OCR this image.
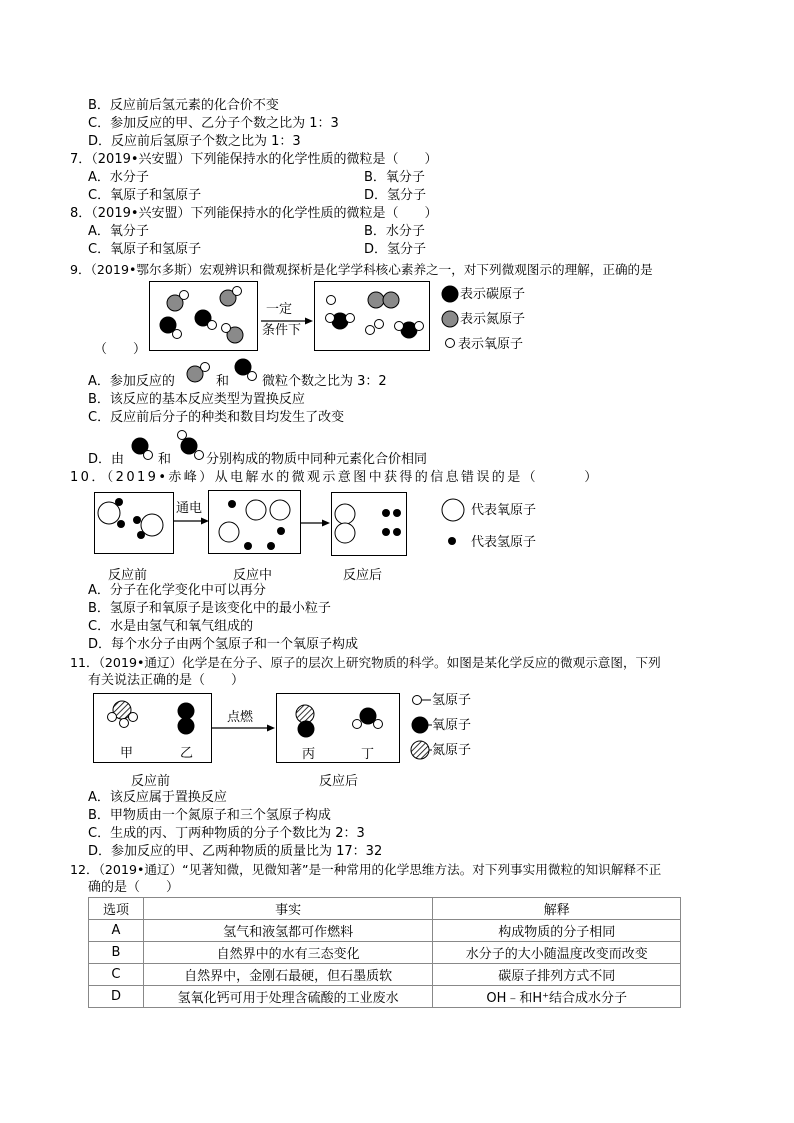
B．反应前后氢元素的化合价不变
C．参加反应的甲、乙分子个数之比为 1：3
D．反应前后氢原子个数之比为 1：3
7．（2019•兴安盟）下列能保持水的化学性质的微粒是（　　）
A．水分子	B．氧分子
C．氧原子和氢原子	D．氢分子
8．（2019•兴安盟）下列能保持水的化学性质的微粒是（　　）
A．氧分子	B．水分子
C．氧原子和氢原子	D．氢分子
9．（2019•鄂尔多斯）宏观辨识和微观探析是化学学科核心素养之一，对下列微观图示的理解，正确的是
一定
条件下
表示碳原子
表示氮原子
表示氧原子
（　　）
A．参加反应的	和	微粒个数之比为 3：2
B．该反应的基本反应类型为置换反应
C．反应前后分子的种类和数目均发生了改变
D．由	和	分别构成的物质中同种元素化合价相同
10．（2019•赤峰）从电解水的微观示意图中获得的信息错误的是（　　　）
通电
反应前	反应中	反应后
代表氧原子
代表氢原子
A．分子在化学变化中可以再分
B．氢原子和氧原子是该变化中的最小粒子
C．水是由氢气和氧气组成的
D．每个水分子由两个氢原子和一个氧原子构成
11．（2019•通辽）化学是在分子、原子的层次上研究物质的科学。如图是某化学反应的微观示意图，下列
有关说法正确的是（　　）
甲	乙
点燃
丙	丁
反应前	反应后
氢原子
氧原子
氮原子
A．该反应属于置换反应
B．甲物质由一个氮原子和三个氢原子构成
C．生成的丙、丁两种物质的分子个数比为 2：3
D．参加反应的甲、乙两种物质的质量比为 17：32
12．（2019•通辽）“见著知微，见微知著”是一种常用的化学思维方法。对下列事实用微粒的知识解释不正
确的是（　　）
选项	事实	解释
A	氢气和液氢都可作燃料	构成物质的分子相同
B	自然界中的水有三态变化	水分子的大小随温度改变而改变
C	自然界中，金刚石最硬，但石墨质软	碳原子排列方式不同
D	氢氧化钙可用于处理含硫酸的工业废水	OH﹣和H⁺结合成水分子
